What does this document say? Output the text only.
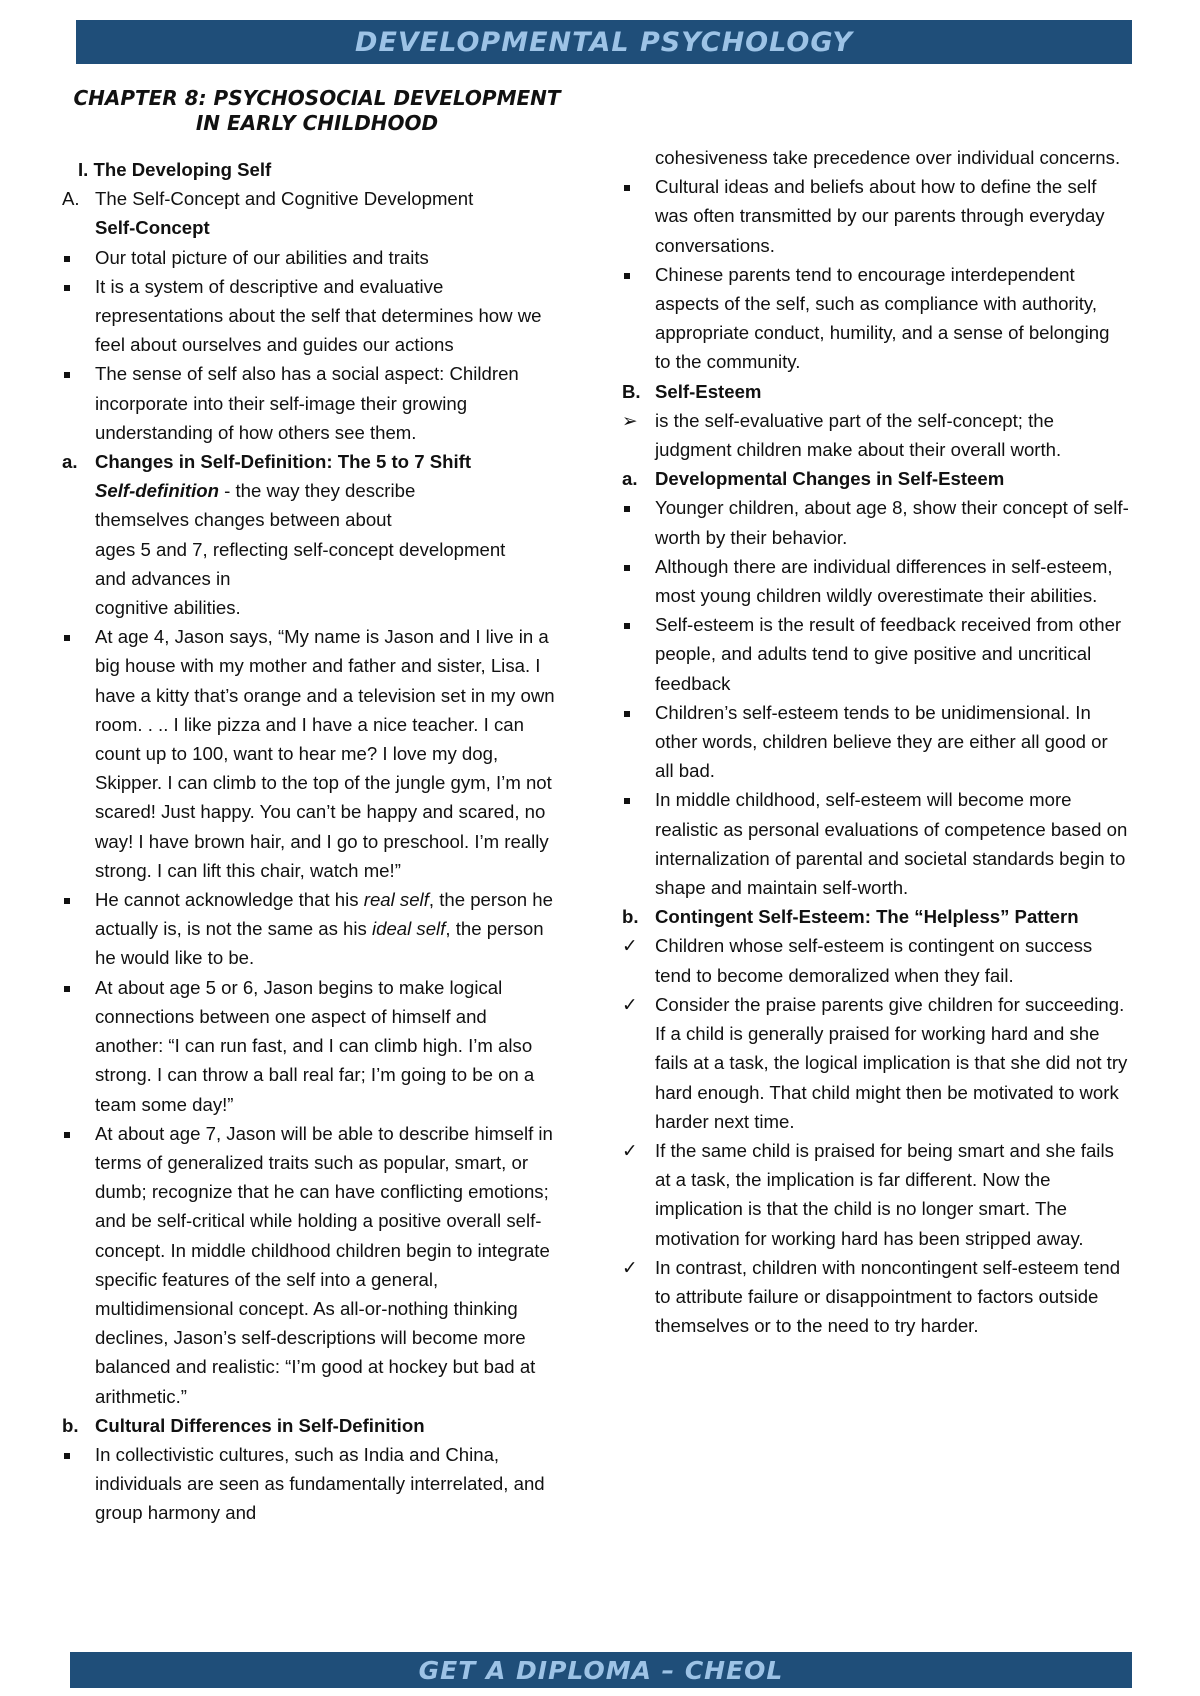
DEVELOPMENTAL PSYCHOLOGY
CHAPTER 8: PSYCHOSOCIAL DEVELOPMENT
IN EARLY CHILDHOOD
I. The Developing Self
A. The Self-Concept and Cognitive Development
Self-Concept
Our total picture of our abilities and traits
It is a system of descriptive and evaluative representations about the self that determines how we feel about ourselves and guides our actions
The sense of self also has a social aspect: Children incorporate into their self-image their growing understanding of how others see them.
a. Changes in Self-Definition: The 5 to 7 Shift
Self-definition - the way they describe
themselves changes between about
ages 5 and 7, reflecting self-concept development
and advances in
cognitive abilities.
At age 4, Jason says, “My name is Jason and I live in a big house with my mother and father and sister, Lisa. I have a kitty that’s orange and a television set in my own room. . .. I like pizza and I have a nice teacher. I can count up to 100, want to hear me? I love my dog, Skipper. I can climb to the top of the jungle gym, I’m not scared! Just happy. You can’t be happy and scared, no way! I have brown hair, and I go to preschool. I’m really strong. I can lift this chair, watch me!”
He cannot acknowledge that his real self, the person he actually is, is not the same as his ideal self, the person he would like to be.
At about age 5 or 6, Jason begins to make logical connections between one aspect of himself and another: “I can run fast, and I can climb high. I’m also strong. I can throw a ball real far; I’m going to be on a team some day!”
At about age 7, Jason will be able to describe himself in terms of generalized traits such as popular, smart, or dumb; recognize that he can have conflicting emotions; and be self-critical while holding a positive overall self-concept. In middle childhood children begin to integrate specific features of the self into a general, multidimensional concept. As all-or-nothing thinking declines, Jason’s self-descriptions will become more balanced and realistic: “I’m good at hockey but bad at arithmetic.”
b. Cultural Differences in Self-Definition
In collectivistic cultures, such as India and China, individuals are seen as fundamentally interrelated, and group harmony and
cohesiveness take precedence over individual concerns.
Cultural ideas and beliefs about how to define the self was often transmitted by our parents through everyday conversations.
Chinese parents tend to encourage interdependent aspects of the self, such as compliance with authority, appropriate conduct, humility, and a sense of belonging to the community.
B. Self-Esteem
➢ is the self-evaluative part of the self-concept; the judgment children make about their overall worth.
a. Developmental Changes in Self-Esteem
Younger children, about age 8, show their concept of self-worth by their behavior.
Although there are individual differences in self-esteem, most young children wildly overestimate their abilities.
Self-esteem is the result of feedback received from other people, and adults tend to give positive and uncritical feedback
Children’s self-esteem tends to be unidimensional. In other words, children believe they are either all good or all bad.
In middle childhood, self-esteem will become more realistic as personal evaluations of competence based on internalization of parental and societal standards begin to shape and maintain self-worth.
b. Contingent Self-Esteem: The “Helpless” Pattern
✓ Children whose self-esteem is contingent on success tend to become demoralized when they fail.
✓ Consider the praise parents give children for succeeding. If a child is generally praised for working hard and she fails at a task, the logical implication is that she did not try hard enough. That child might then be motivated to work harder next time.
✓ If the same child is praised for being smart and she fails at a task, the implication is far different. Now the implication is that the child is no longer smart. The motivation for working hard has been stripped away.
✓ In contrast, children with noncontingent self-esteem tend to attribute failure or disappointment to factors outside themselves or to the need to try harder.
GET A DIPLOMA – CHEOL
